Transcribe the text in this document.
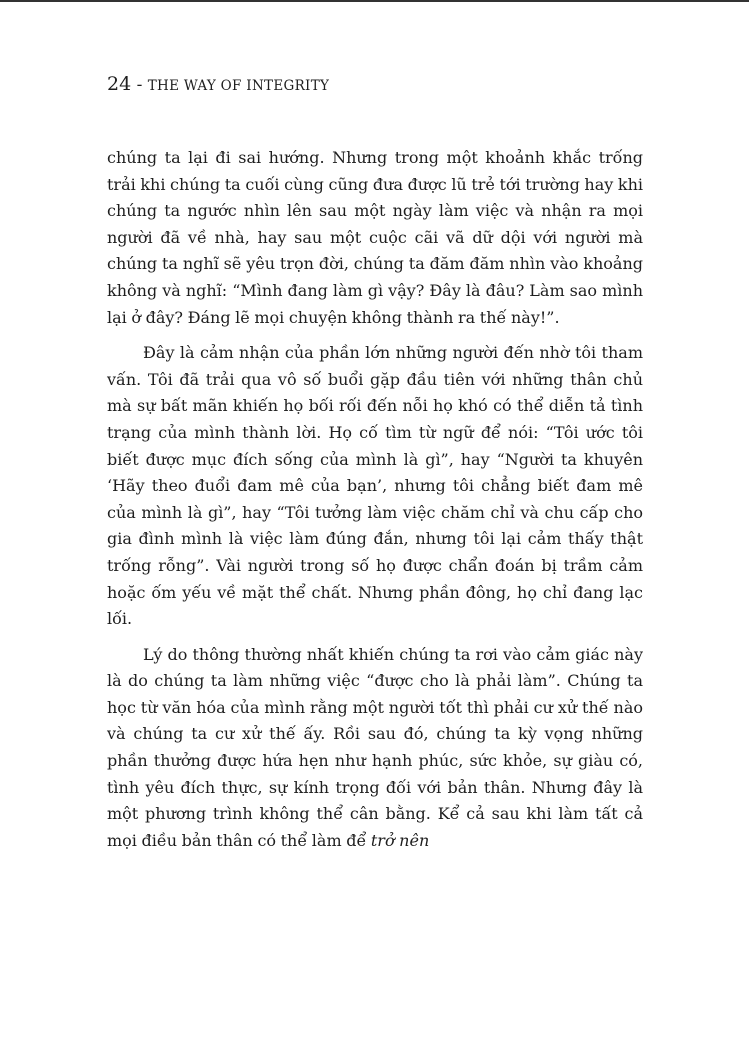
24 - THE WAY OF INTEGRITY

chúng ta lại đi sai hướng. Nhưng trong một khoảnh khắc trống trải khi chúng ta cuối cùng cũng đưa được lũ trẻ tới trường hay khi chúng ta ngước nhìn lên sau một ngày làm việc và nhận ra mọi người đã về nhà, hay sau một cuộc cãi vã dữ dội với người mà chúng ta nghĩ sẽ yêu trọn đời, chúng ta đăm đăm nhìn vào khoảng không và nghĩ: “Mình đang làm gì vậy? Đây là đâu? Làm sao mình lại ở đây? Đáng lẽ mọi chuyện không thành ra thế này!”.

Đây là cảm nhận của phần lớn những người đến nhờ tôi tham vấn. Tôi đã trải qua vô số buổi gặp đầu tiên với những thân chủ mà sự bất mãn khiến họ bối rối đến nỗi họ khó có thể diễn tả tình trạng của mình thành lời. Họ cố tìm từ ngữ để nói: “Tôi ước tôi biết được mục đích sống của mình là gì”, hay “Người ta khuyên ‘Hãy theo đuổi đam mê của bạn’, nhưng tôi chẳng biết đam mê của mình là gì”, hay “Tôi tưởng làm việc chăm chỉ và chu cấp cho gia đình mình là việc làm đúng đắn, nhưng tôi lại cảm thấy thật trống rỗng”. Vài người trong số họ được chẩn đoán bị trầm cảm hoặc ốm yếu về mặt thể chất. Nhưng phần đông, họ chỉ đang lạc lối.

Lý do thông thường nhất khiến chúng ta rơi vào cảm giác này là do chúng ta làm những việc “được cho là phải làm”. Chúng ta học từ văn hóa của mình rằng một người tốt thì phải cư xử thế nào và chúng ta cư xử thế ấy. Rồi sau đó, chúng ta kỳ vọng những phần thưởng được hứa hẹn như hạnh phúc, sức khỏe, sự giàu có, tình yêu đích thực, sự kính trọng đối với bản thân. Nhưng đây là một phương trình không thể cân bằng. Kể cả sau khi làm tất cả mọi điều bản thân có thể làm để trở nên
